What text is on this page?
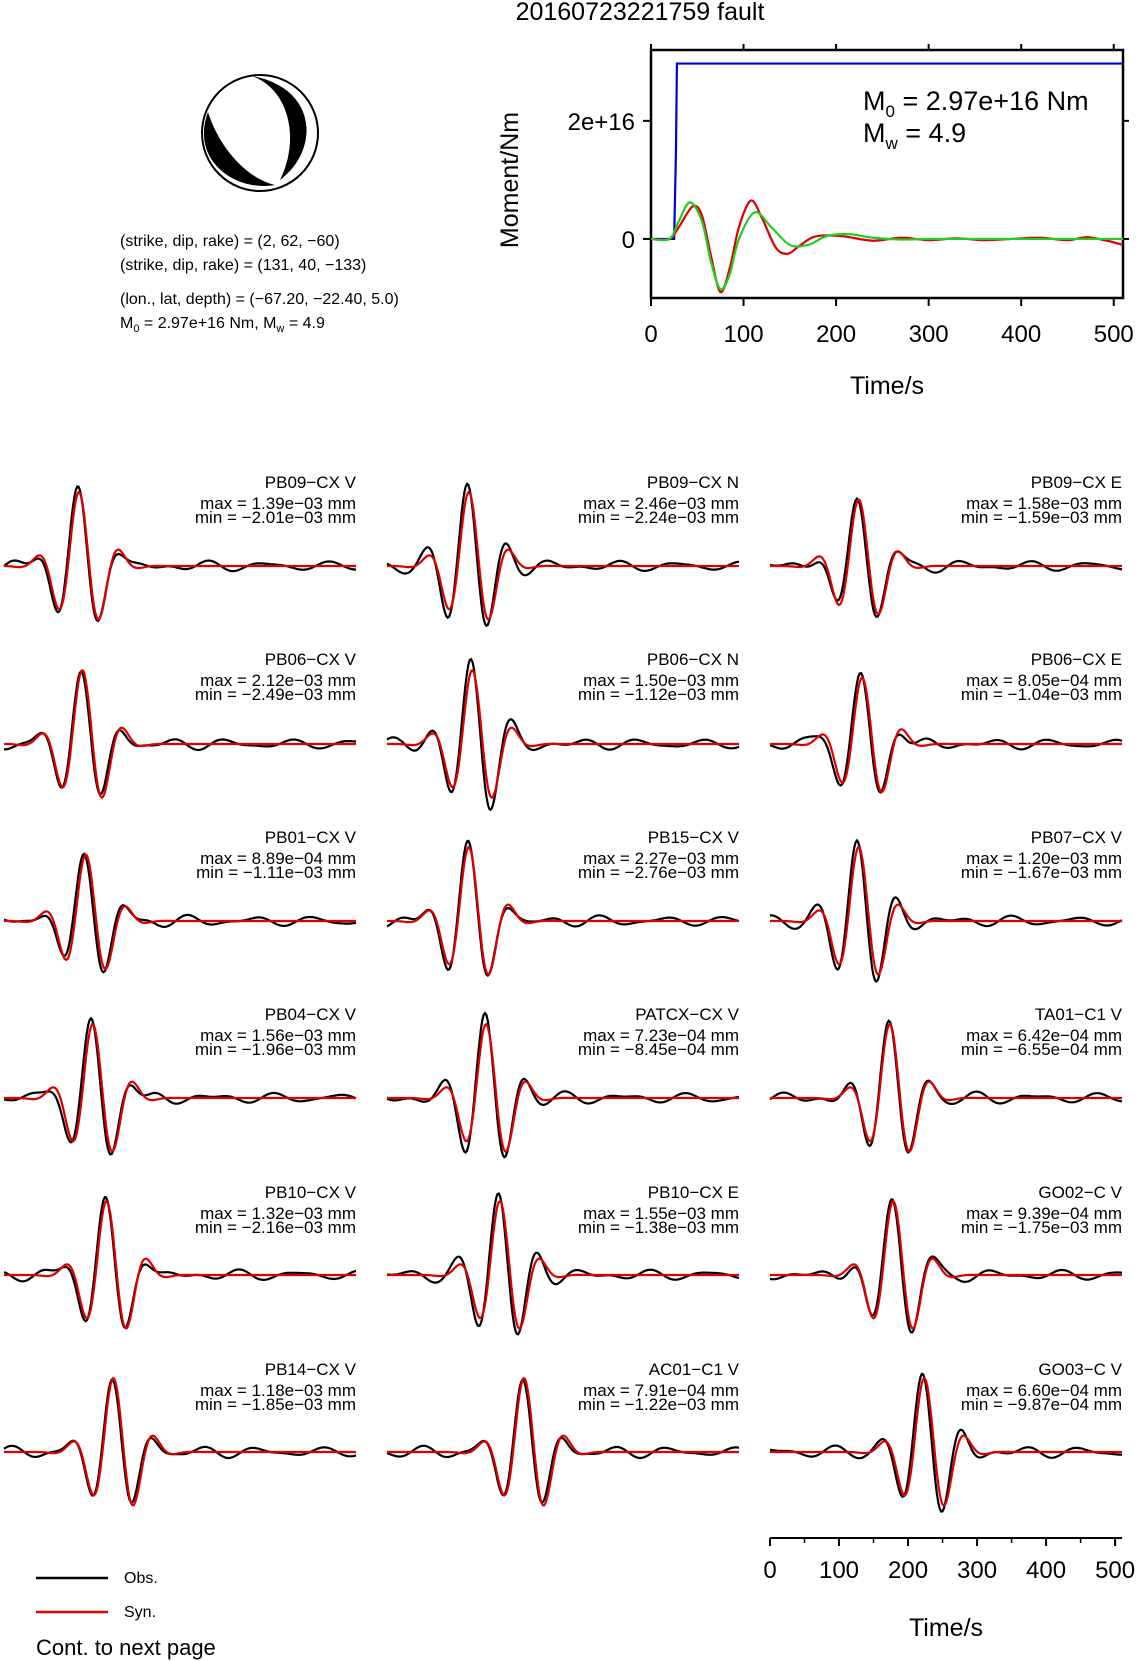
20160723221759 fault
(strike, dip, rake) = (2, 62, −60)
(strike, dip, rake) = (131, 40, −133)
(lon., lat, depth) = (−67.20, −22.40, 5.0)
$M_0 = 2.97e+16$ Nm, $M_w = 4.9$	0	100 200 300 400 500
2e+16
0
Moment/Nm
Time/s
$M_0 = 2.97e+16$ Nm
$M_w = 4.9$
PB09−CX V
max = 1.39e−03 mm
min = −2.01e−03 mm
PB09−CX N
max = 2.46e−03 mm
min = −2.24e−03 mm
PB09−CX E
max = 1.58e−03 mm
min = −1.59e−03 mm
PB06−CX V
max = 2.12e−03 mm
min = −2.49e−03 mm
PB06−CX N
max = 1.50e−03 mm
min = −1.12e−03 mm
PB06−CX E
max = 8.05e−04 mm
min = −1.04e−03 mm
PB01−CX V
max = 8.89e−04 mm
min = −1.11e−03 mm
PB15−CX V
max = 2.27e−03 mm
min = −2.76e−03 mm
PB07−CX V
max = 1.20e−03 mm
min = −1.67e−03 mm
PB04−CX V
max = 1.56e−03 mm
min = −1.96e−03 mm
PATCX−CX V
max = 7.23e−04 mm
min = −8.45e−04 mm
TA01−C1 V
max = 6.42e−04 mm
min = −6.55e−04 mm
PB10−CX V
max = 1.32e−03 mm
min = −2.16e−03 mm
PB10−CX E
max = 1.55e−03 mm
min = −1.38e−03 mm
GO02−C V
max = 9.39e−04 mm
min = −1.75e−03 mm
PB14−CX V
max = 1.18e−03 mm
min = −1.85e−03 mm
AC01−C1 V
max = 7.91e−04 mm
min = −1.22e−03 mm
GO03−C V
max = 6.60e−04 mm
min = −9.87e−04 mm
0 100 200 300 400 500
Time/s
Obs.
Syn.
Cont. to next page
